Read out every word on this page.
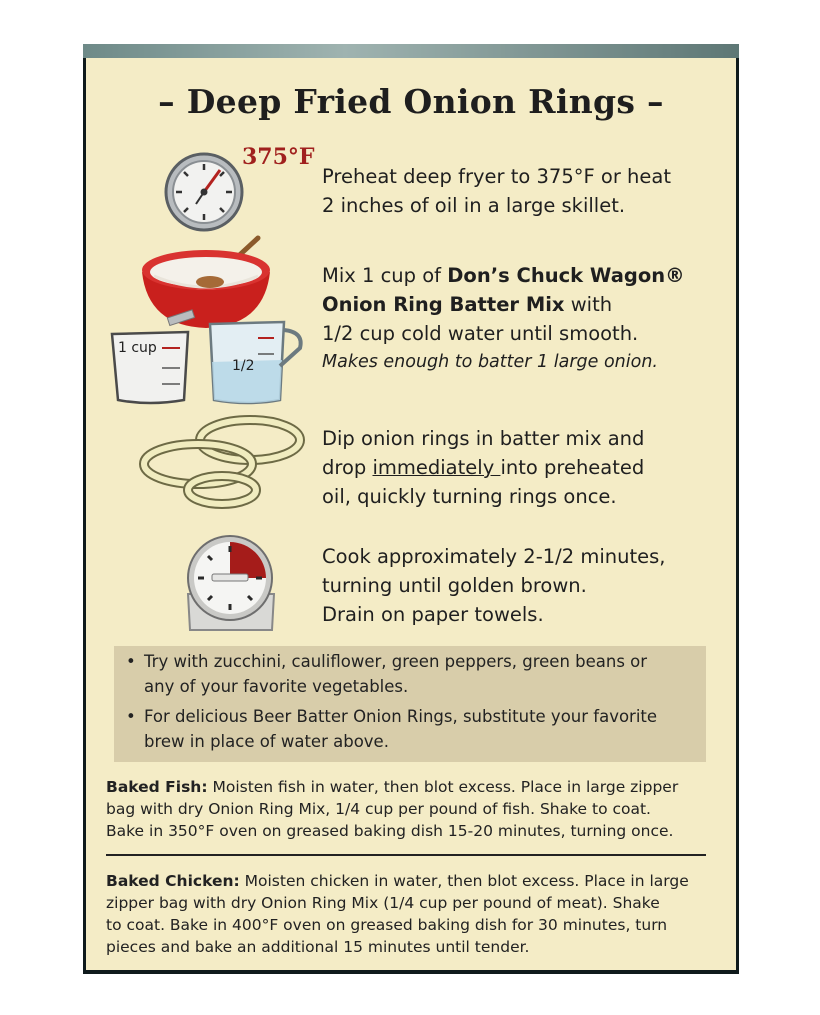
– Deep Fried Onion Rings –
375°F

Preheat deep fryer to 375°F or heat

2 inches of oil in a large skillet.

1 cup
1/2

Mix 1 cup of Don’s Chuck Wagon®

Onion Ring Batter Mix with

1/2 cup cold water until smooth.

Makes enough to batter 1 large onion.

Dip onion rings in batter mix and

drop immediately into preheated

oil, quickly turning rings once.

Cook approximately 2-1/2 minutes,

turning until golden brown.

Drain on paper towels.

• Try with zucchini, cauliflower, green peppers, green beans or
any of your favorite vegetables.
• For delicious Beer Batter Onion Rings, substitute your favorite
brew in place of water above.

Baked Fish: Moisten fish in water, then blot excess. Place in large zipper

bag with dry Onion Ring Mix, 1/4 cup per pound of fish. Shake to coat.

Bake in 350°F oven on greased baking dish 15-20 minutes, turning once.

Baked Chicken: Moisten chicken in water, then blot excess. Place in large

zipper bag with dry Onion Ring Mix (1/4 cup per pound of meat). Shake

to coat. Bake in 400°F oven on greased baking dish for 30 minutes, turn

pieces and bake an additional 15 minutes until tender.
